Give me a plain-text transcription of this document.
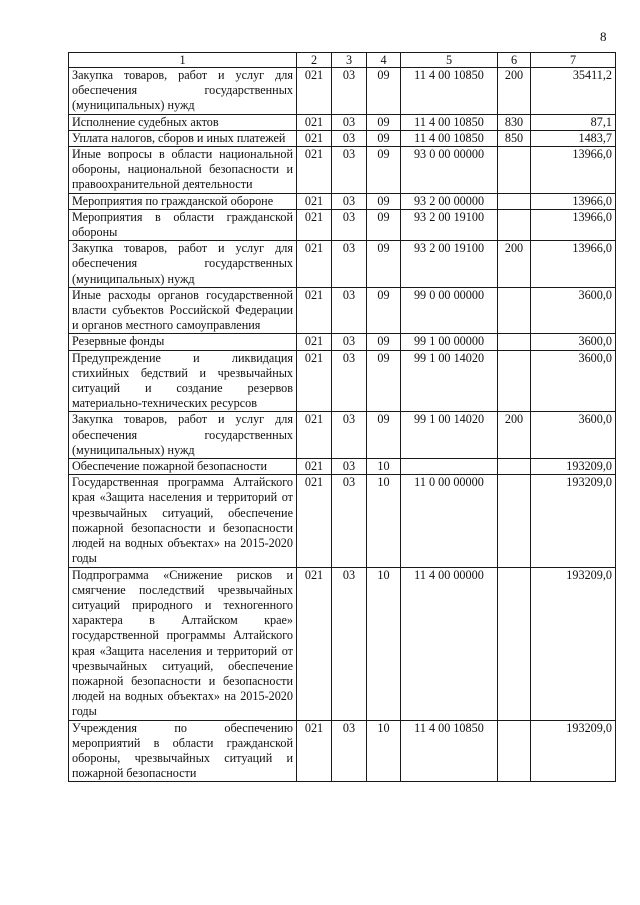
8
1	2	3	4	5	6	7
Закупка товаров, работ и услуг для обеспечения государственных (муниципальных) нужд	021	03	09	11 4 00 10850	200	35411,2
Исполнение судебных актов	021	03	09	11 4 00 10850	830	87,1
Уплата налогов, сборов и иных платежей	021	03	09	11 4 00 10850	850	1483,7
Иные вопросы в области национальной обороны, национальной безопасности и правоохранительной деятельности	021	03	09	93 0 00 00000		13966,0
Мероприятия по гражданской обороне	021	03	09	93 2 00 00000		13966,0
Мероприятия в области гражданской обороны	021	03	09	93 2 00 19100		13966,0
Закупка товаров, работ и услуг для обеспечения государственных (муниципальных) нужд	021	03	09	93 2 00 19100	200	13966,0
Иные расходы органов государственной власти субъектов Российской Федерации и органов местного самоуправления	021	03	09	99 0 00 00000		3600,0
Резервные фонды	021	03	09	99 1 00 00000		3600,0
Предупреждение и ликвидация стихийных бедствий и чрезвычайных ситуаций и создание резервов материально-технических ресурсов	021	03	09	99 1 00 14020		3600,0
Закупка товаров, работ и услуг для обеспечения государственных (муниципальных) нужд	021	03	09	99 1 00 14020	200	3600,0
Обеспечение пожарной безопасности	021	03	10			193209,0
Государственная программа Алтайского края «Защита населения и территорий от чрезвычайных ситуаций, обеспечение пожарной безопасности и безопасности людей на водных объектах» на 2015-2020 годы	021	03	10	11 0 00 00000		193209,0
Подпрограмма «Снижение рисков и смягчение последствий чрезвычайных ситуаций природного и техногенного характера в Алтайском крае» государственной программы Алтайского края «Защита населения и территорий от чрезвычайных ситуаций, обеспечение пожарной безопасности и безопасности людей на водных объектах» на 2015-2020 годы	021	03	10	11 4 00 00000		193209,0
Учреждения по обеспечению мероприятий в области гражданской обороны, чрезвычайных ситуаций и пожарной безопасности	021	03	10	11 4 00 10850		193209,0
